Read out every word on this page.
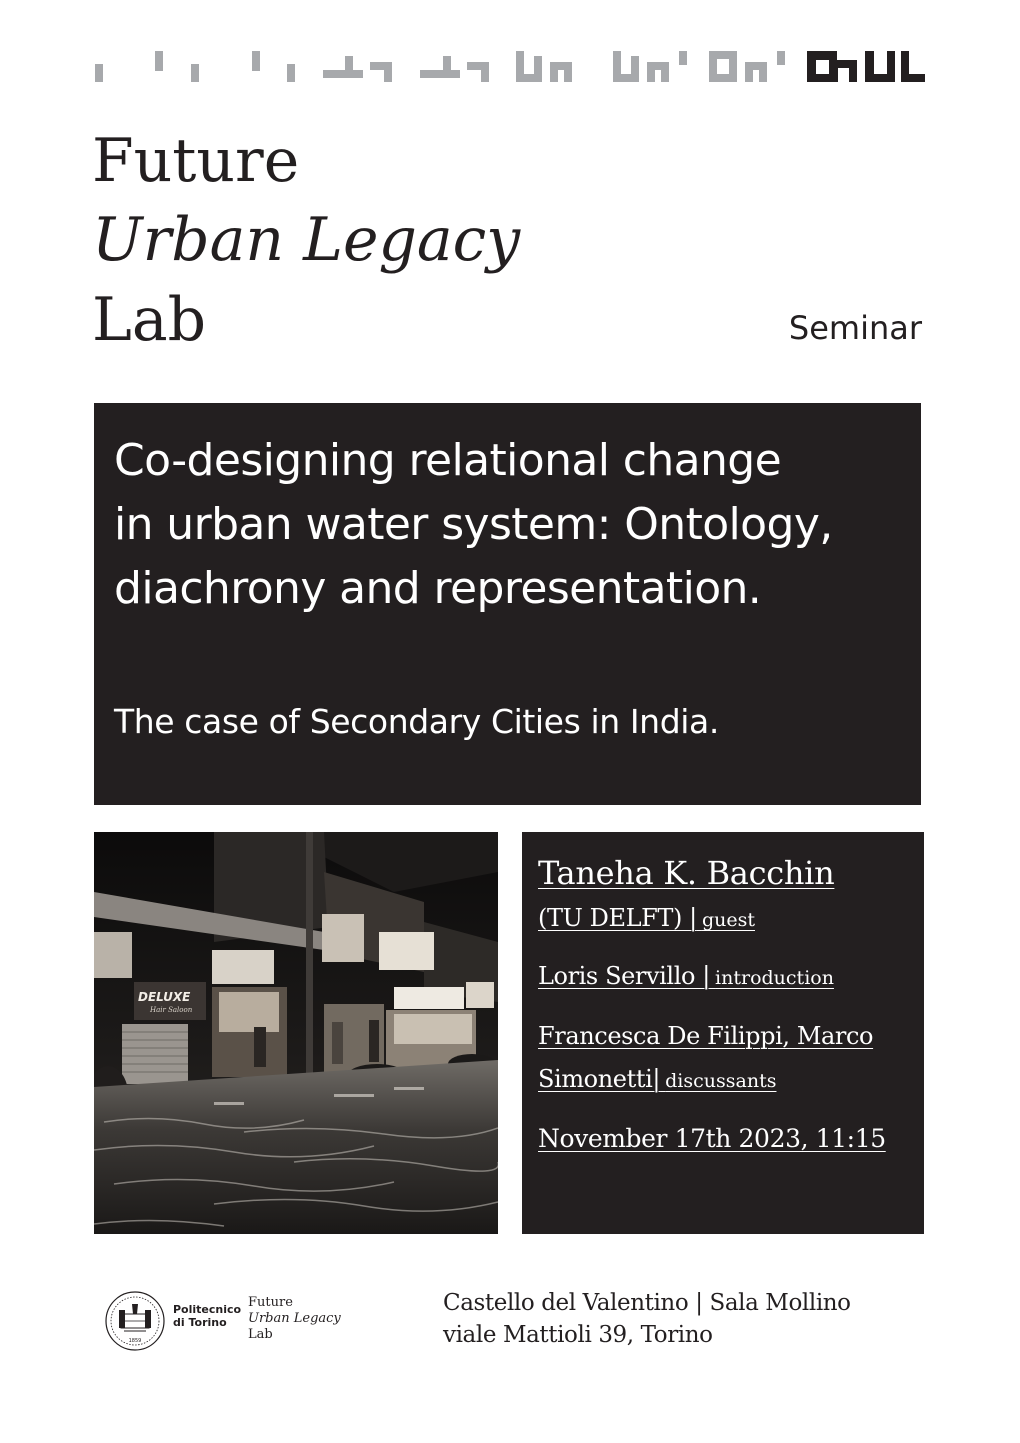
Future
Urban Legacy
Lab	Seminar
Co-designing relational change
in urban water system: Ontology,
diachrony and representation.
The case of Secondary Cities in India.
DELUXE
Hair Saloon
Taneha K. Bacchin
(TU DELFT) | guest
Loris Servillo | introduction
Francesca De Filippi, Marco
Simonetti| discussants
November 17th 2023, 11:15
1859
Politecnico
di Torino
Future
Urban Legacy
Lab
Castello del Valentino | Sala Mollino
viale Mattioli 39, Torino
